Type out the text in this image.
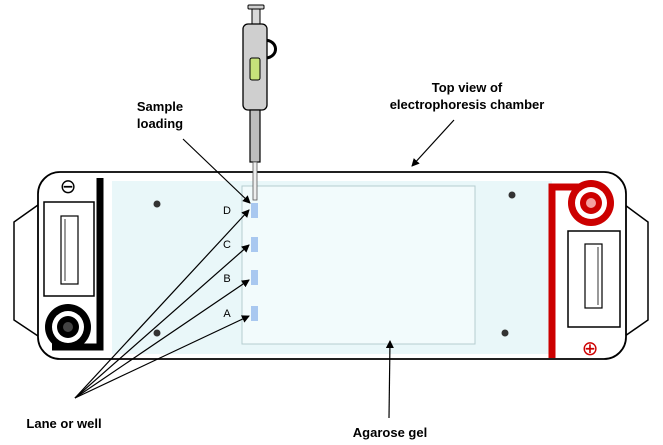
⊖
⊕
D
C
B
A
Top view of
electrophoresis chamber
Sample
loading
Lane or well
Agarose gel
